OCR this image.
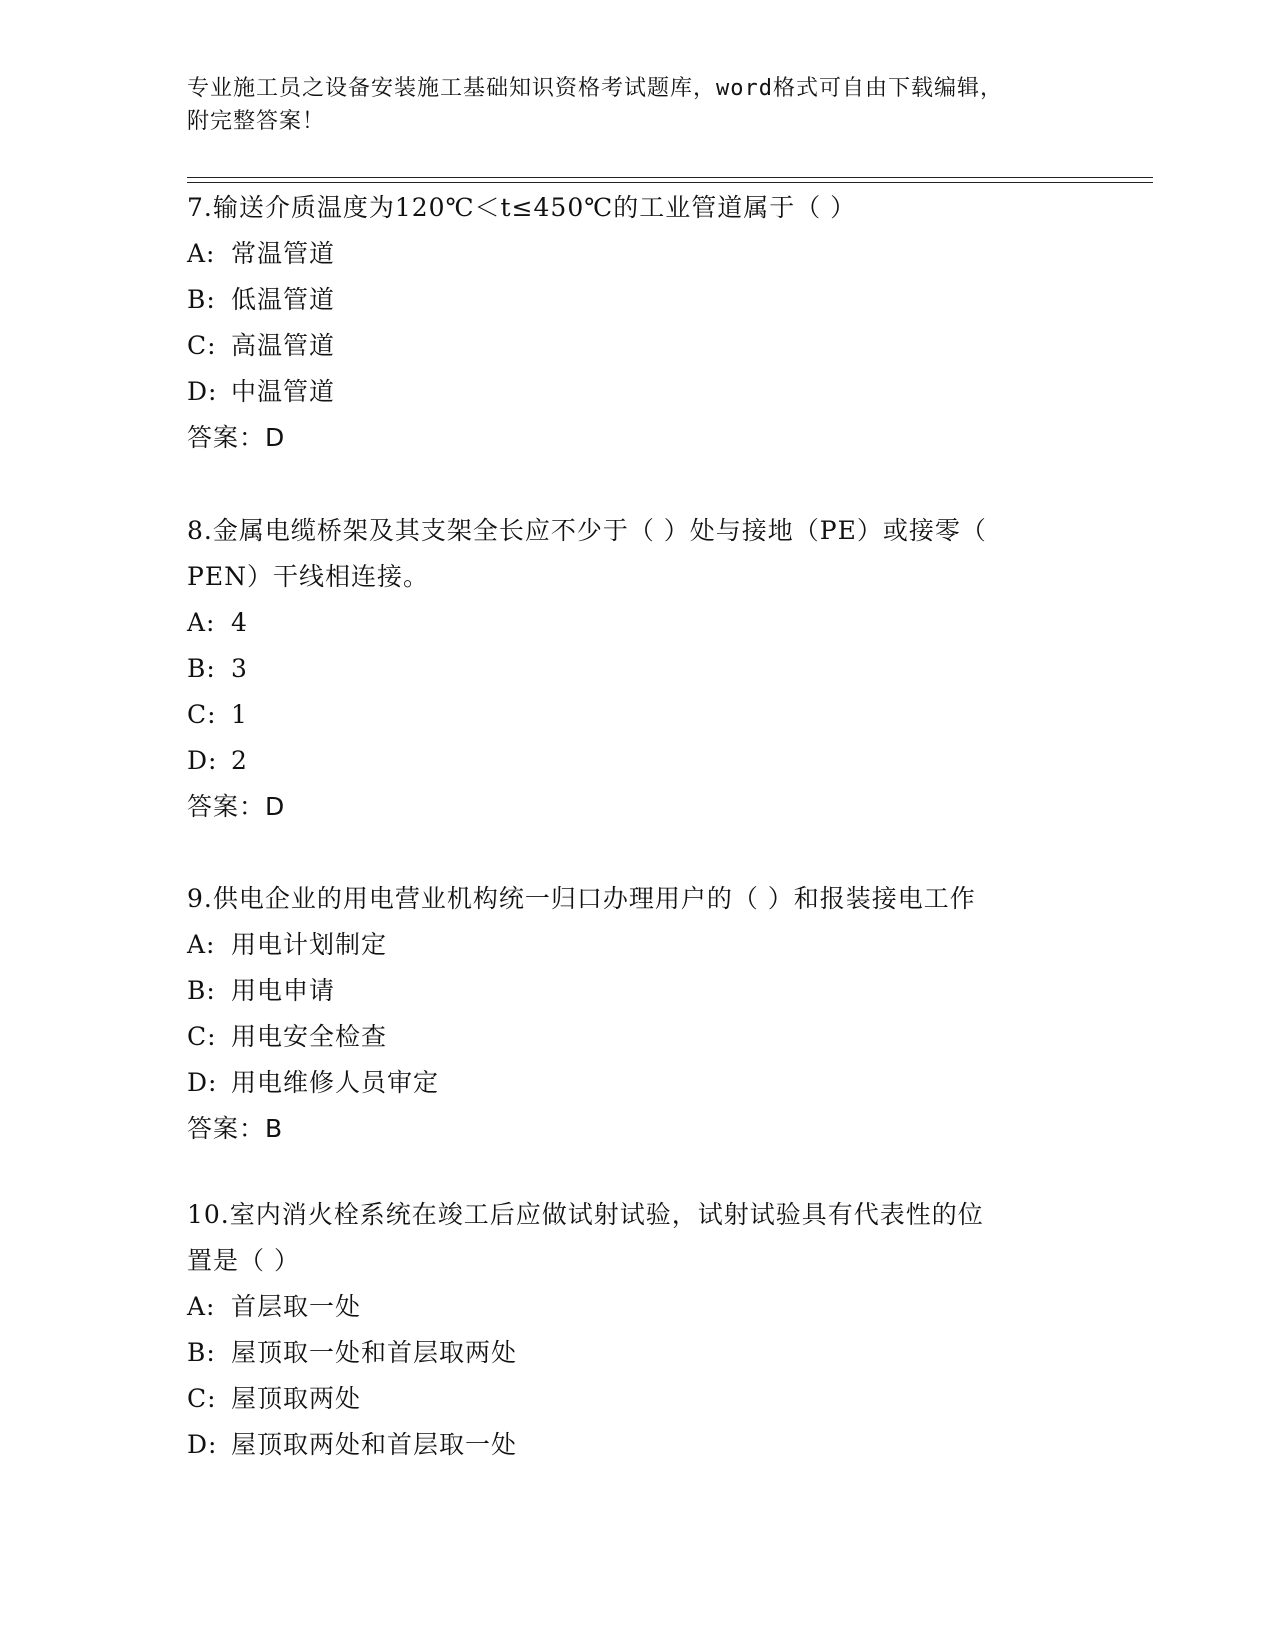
专业施工员之设备安装施工基础知识资格考试题库，word格式可自由下载编辑，
附完整答案！

7.输送介质温度为120℃＜t≤450℃的工业管道属于（ ）

A: 常温管道
B: 低温管道
C: 高温管道
D: 中温管道

答案：D

8.金属电缆桥架及其支架全长应不少于（ ）处与接地（PE）或接零（

PEN）干线相连接。

A: 4
B: 3
C: 1
D: 2

答案：D

9.供电企业的用电营业机构统一归口办理用户的（ ）和报装接电工作

A: 用电计划制定
B: 用电申请
C: 用电安全检查
D: 用电维修人员审定

答案：B

10.室内消火栓系统在竣工后应做试射试验，试射试验具有代表性的位

置是（ ）

A: 首层取一处
B: 屋顶取一处和首层取两处
C: 屋顶取两处
D: 屋顶取两处和首层取一处
